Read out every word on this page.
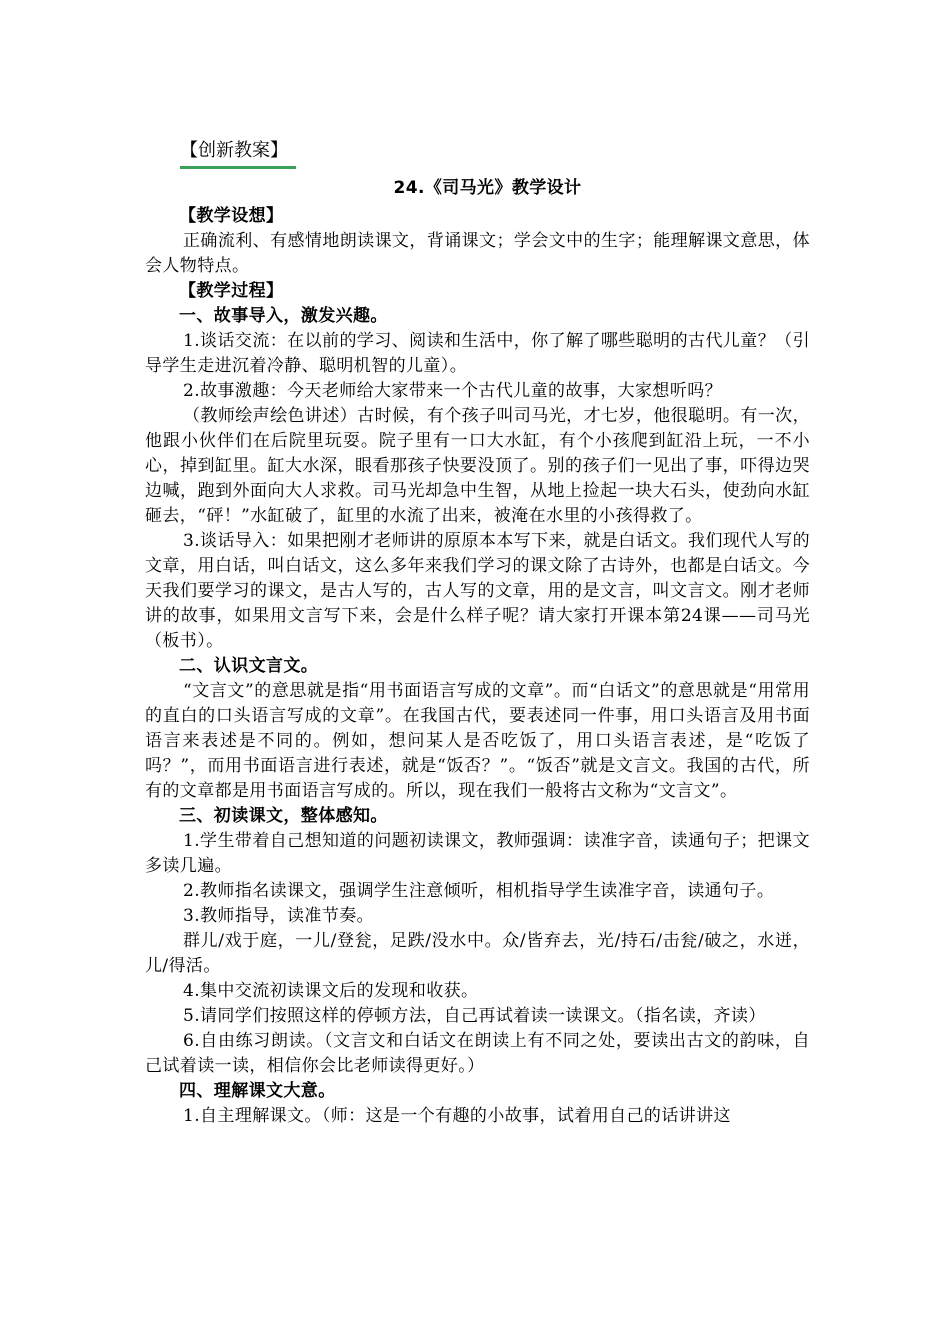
【创新教案】

24.《司马光》教学设计

【教学设想】

正确流利、有感情地朗读课文，背诵课文；学会文中的生字；能理解课文意思，体会人物特点。

【教学过程】

一、故事导入，激发兴趣。

1.谈话交流：在以前的学习、阅读和生活中，你了解了哪些聪明的古代儿童？（引导学生走进沉着冷静、聪明机智的儿童）。

2.故事激趣：今天老师给大家带来一个古代儿童的故事，大家想听吗？

（教师绘声绘色讲述）古时候，有个孩子叫司马光，才七岁，他很聪明。有一次，他跟小伙伴们在后院里玩耍。院子里有一口大水缸，有个小孩爬到缸沿上玩，一不小心，掉到缸里。缸大水深，眼看那孩子快要没顶了。别的孩子们一见出了事，吓得边哭边喊，跑到外面向大人求救。司马光却急中生智，从地上捡起一块大石头，使劲向水缸砸去，“砰！”水缸破了，缸里的水流了出来，被淹在水里的小孩得救了。

3.谈话导入：如果把刚才老师讲的原原本本写下来，就是白话文。我们现代人写的文章，用白话，叫白话文，这么多年来我们学习的课文除了古诗外，也都是白话文。今天我们要学习的课文，是古人写的，古人写的文章，用的是文言，叫文言文。刚才老师讲的故事，如果用文言写下来，会是什么样子呢？请大家打开课本第24课——司马光（板书）。

二、认识文言文。

“文言文”的意思就是指“用书面语言写成的文章”。而“白话文”的意思就是“用常用的直白的口头语言写成的文章”。在我国古代，要表述同一件事，用口头语言及用书面语言来表述是不同的。例如，想问某人是否吃饭了，用口头语言表述，是“吃饭了吗？”，而用书面语言进行表述，就是“饭否？”。“饭否”就是文言文。我国的古代，所有的文章都是用书面语言写成的。所以，现在我们一般将古文称为“文言文”。

三、初读课文，整体感知。

1.学生带着自己想知道的问题初读课文，教师强调：读准字音，读通句子；把课文多读几遍。

2.教师指名读课文，强调学生注意倾听，相机指导学生读准字音，读通句子。

3.教师指导，读准节奏。

群儿/戏于庭，一儿/登瓮，足跌/没水中。众/皆弃去，光/持石/击瓮/破之，水迸，儿/得活。

4.集中交流初读课文后的发现和收获。

5.请同学们按照这样的停顿方法，自己再试着读一读课文。（指名读，齐读）

6.自由练习朗读。（文言文和白话文在朗读上有不同之处，要读出古文的韵味，自己试着读一读，相信你会比老师读得更好。）

四、理解课文大意。

1.自主理解课文。（师：这是一个有趣的小故事，试着用自己的话讲讲这
